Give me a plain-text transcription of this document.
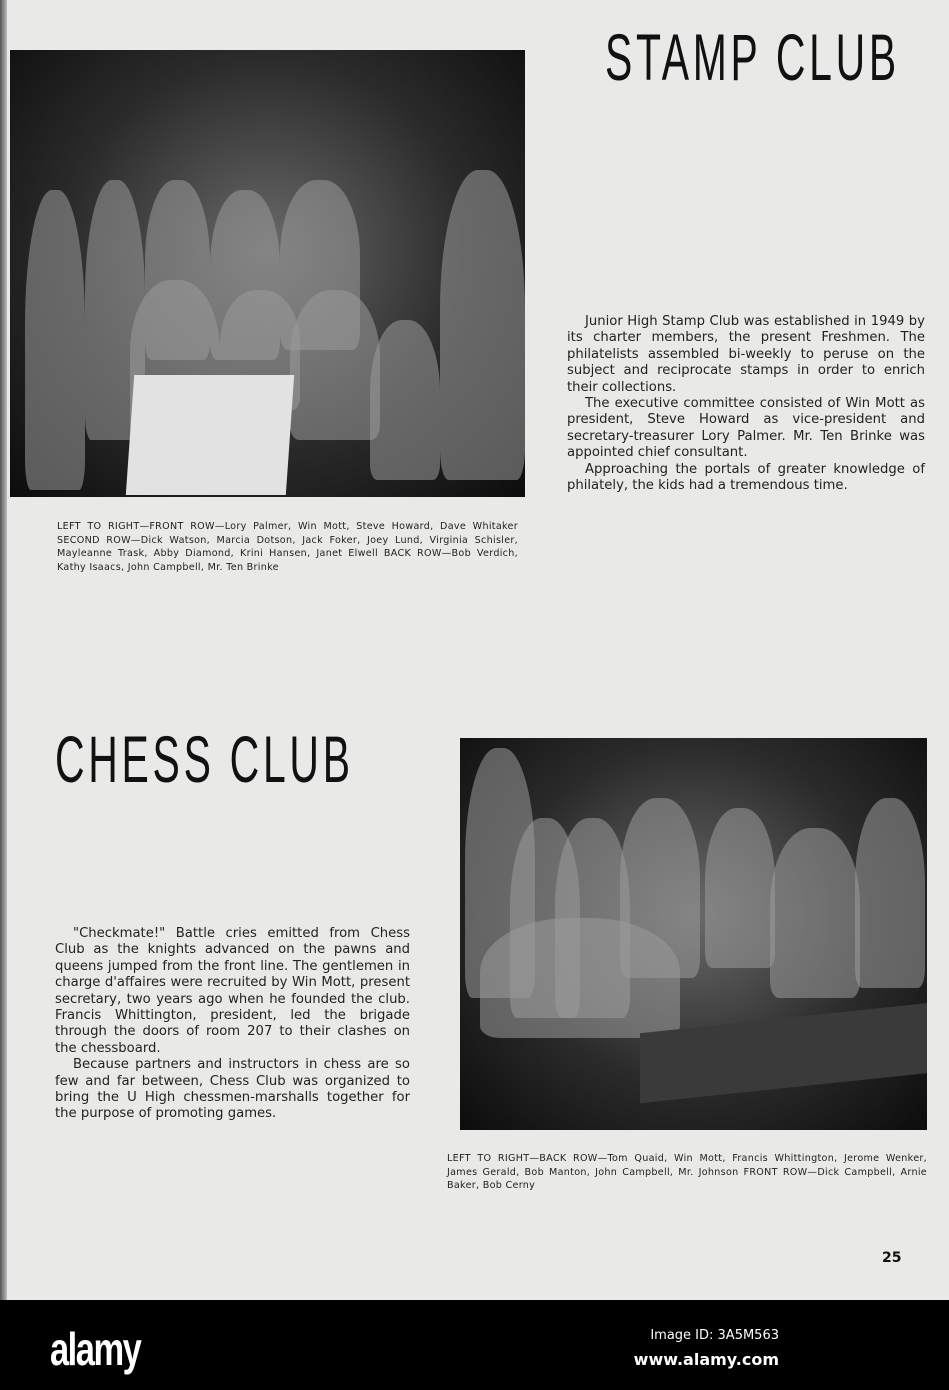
STAMP CLUB

Junior High Stamp Club was established in 1949 by its charter members, the present Freshmen. The philatelists assembled bi-weekly to peruse on the subject and reciprocate stamps in order to enrich their collections.

The executive committee consisted of Win Mott as president, Steve Howard as vice-president and secretary-treasurer Lory Palmer. Mr. Ten Brinke was appointed chief consultant.

Approaching the portals of greater knowledge of philately, the kids had a tremendous time.

LEFT TO RIGHT—FRONT ROW—Lory Palmer, Win Mott, Steve Howard, Dave Whitaker SECOND ROW—Dick Watson, Marcia Dotson, Jack Foker, Joey Lund, Virginia Schisler, Mayleanne Trask, Abby Diamond, Krini Hansen, Janet Elwell BACK ROW—Bob Verdich, Kathy Isaacs, John Campbell, Mr. Ten Brinke
CHESS CLUB

"Checkmate!" Battle cries emitted from Chess Club as the knights advanced on the pawns and queens jumped from the front line. The gentlemen in charge d'affaires were recruited by Win Mott, present secretary, two years ago when he founded the club. Francis Whittington, president, led the brigade through the doors of room 207 to their clashes on the chessboard.

Because partners and instructors in chess are so few and far between, Chess Club was organized to bring the U High chessmen-marshalls together for the purpose of promoting games.

LEFT TO RIGHT—BACK ROW—Tom Quaid, Win Mott, Francis Whittington, Jerome Wenker, James Gerald, Bob Manton, John Campbell, Mr. Johnson FRONT ROW—Dick Campbell, Arnie Baker, Bob Cerny
25
alamy	Image ID: 3A5M563
www.alamy.com
